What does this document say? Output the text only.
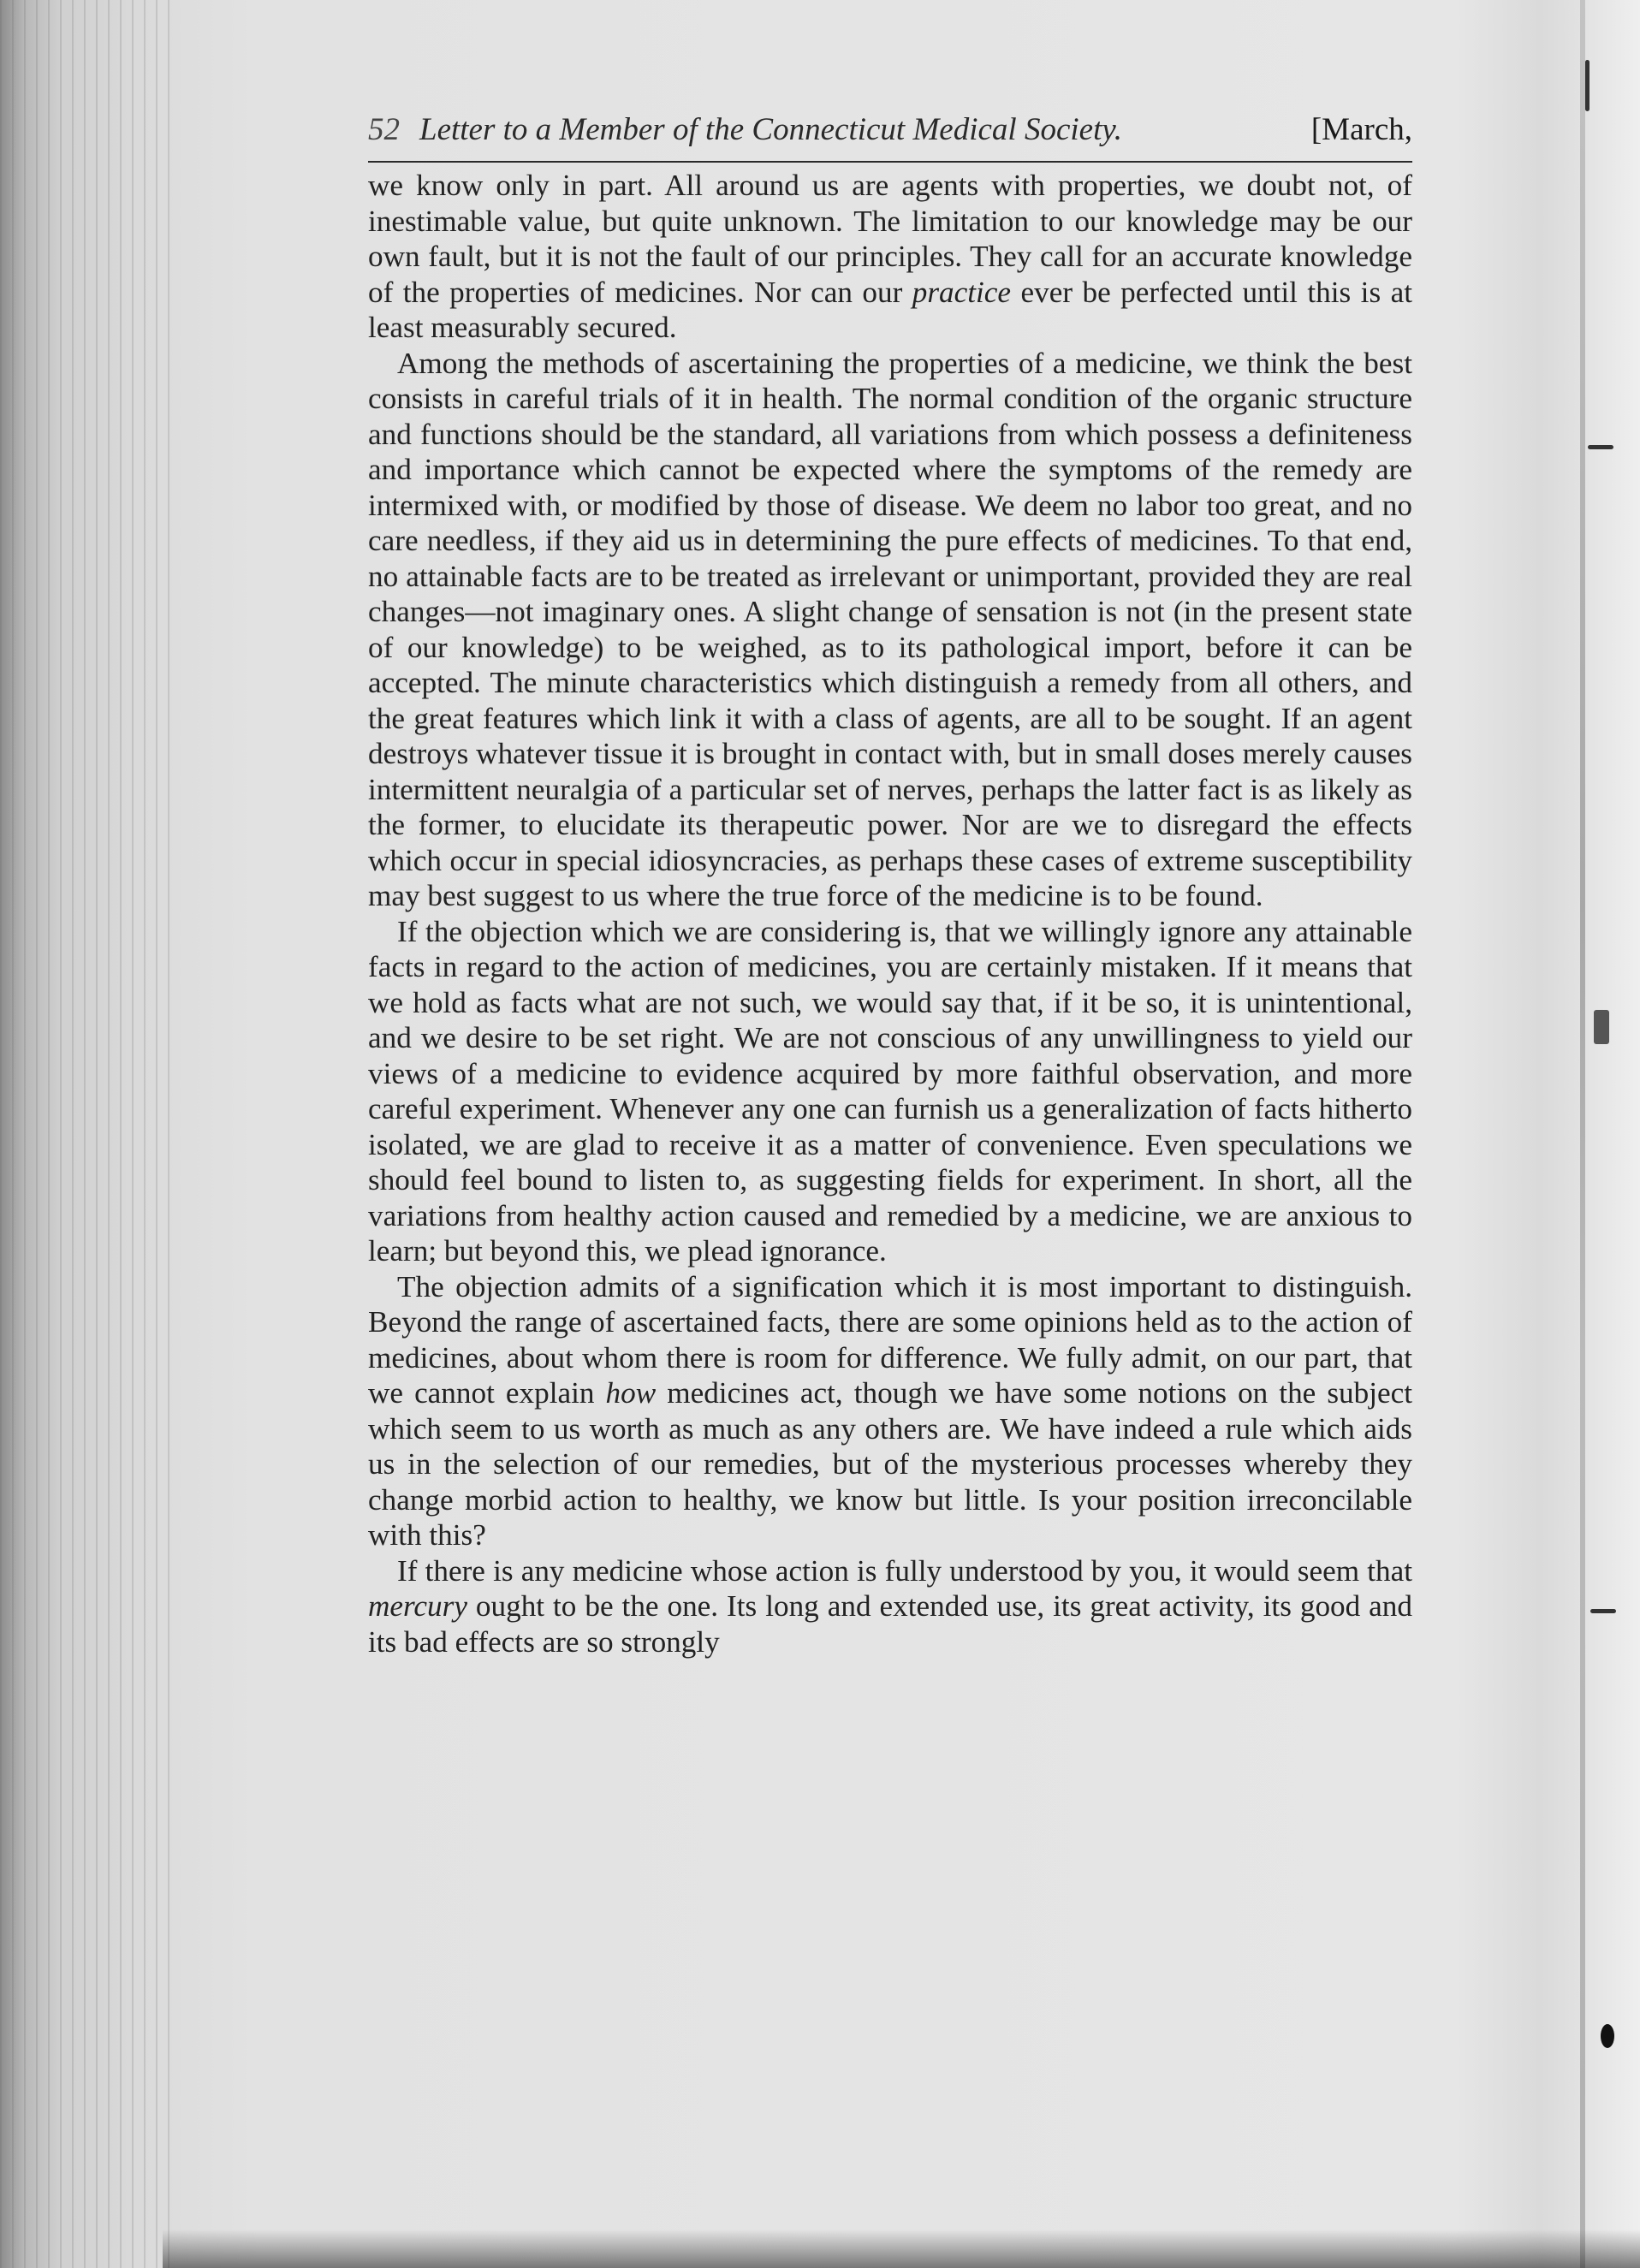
52 Letter to a Member of the Connecticut Medical Society.	[March,

we know only in part. All around us are agents with properties, we doubt not, of inestimable value, but quite unknown. The limitation to our knowledge may be our own fault, but it is not the fault of our principles. They call for an accurate knowledge of the properties of medicines. Nor can our practice ever be perfected until this is at least measurably secured.

Among the methods of ascertaining the properties of a medicine, we think the best consists in careful trials of it in health. The normal condition of the organic structure and functions should be the standard, all variations from which possess a definiteness and importance which cannot be expected where the symptoms of the remedy are intermixed with, or modified by those of disease. We deem no labor too great, and no care needless, if they aid us in determining the pure effects of medicines. To that end, no attainable facts are to be treated as irrelevant or unimportant, provided they are real changes—not imaginary ones. A slight change of sensation is not (in the present state of our knowledge) to be weighed, as to its pathological import, before it can be accepted. The minute characteristics which distinguish a remedy from all others, and the great features which link it with a class of agents, are all to be sought. If an agent destroys whatever tissue it is brought in contact with, but in small doses merely causes intermittent neuralgia of a particular set of nerves, perhaps the latter fact is as likely as the former, to elucidate its therapeutic power. Nor are we to disregard the effects which occur in special idiosyncracies, as perhaps these cases of extreme susceptibility may best suggest to us where the true force of the medicine is to be found.

If the objection which we are considering is, that we willingly ignore any attainable facts in regard to the action of medicines, you are certainly mistaken. If it means that we hold as facts what are not such, we would say that, if it be so, it is unintentional, and we desire to be set right. We are not conscious of any unwillingness to yield our views of a medicine to evidence acquired by more faithful observation, and more careful experiment. Whenever any one can furnish us a generalization of facts hitherto isolated, we are glad to receive it as a matter of convenience. Even speculations we should feel bound to listen to, as suggesting fields for experiment. In short, all the variations from healthy action caused and remedied by a medicine, we are anxious to learn; but beyond this, we plead ignorance.

The objection admits of a signification which it is most important to distinguish. Beyond the range of ascertained facts, there are some opinions held as to the action of medicines, about whom there is room for difference. We fully admit, on our part, that we cannot explain how medicines act, though we have some notions on the subject which seem to us worth as much as any others are. We have indeed a rule which aids us in the selection of our remedies, but of the mysterious processes whereby they change morbid action to healthy, we know but little. Is your position irreconcilable with this?

If there is any medicine whose action is fully understood by you, it would seem that mercury ought to be the one. Its long and extended use, its great activity, its good and its bad effects are so strongly
